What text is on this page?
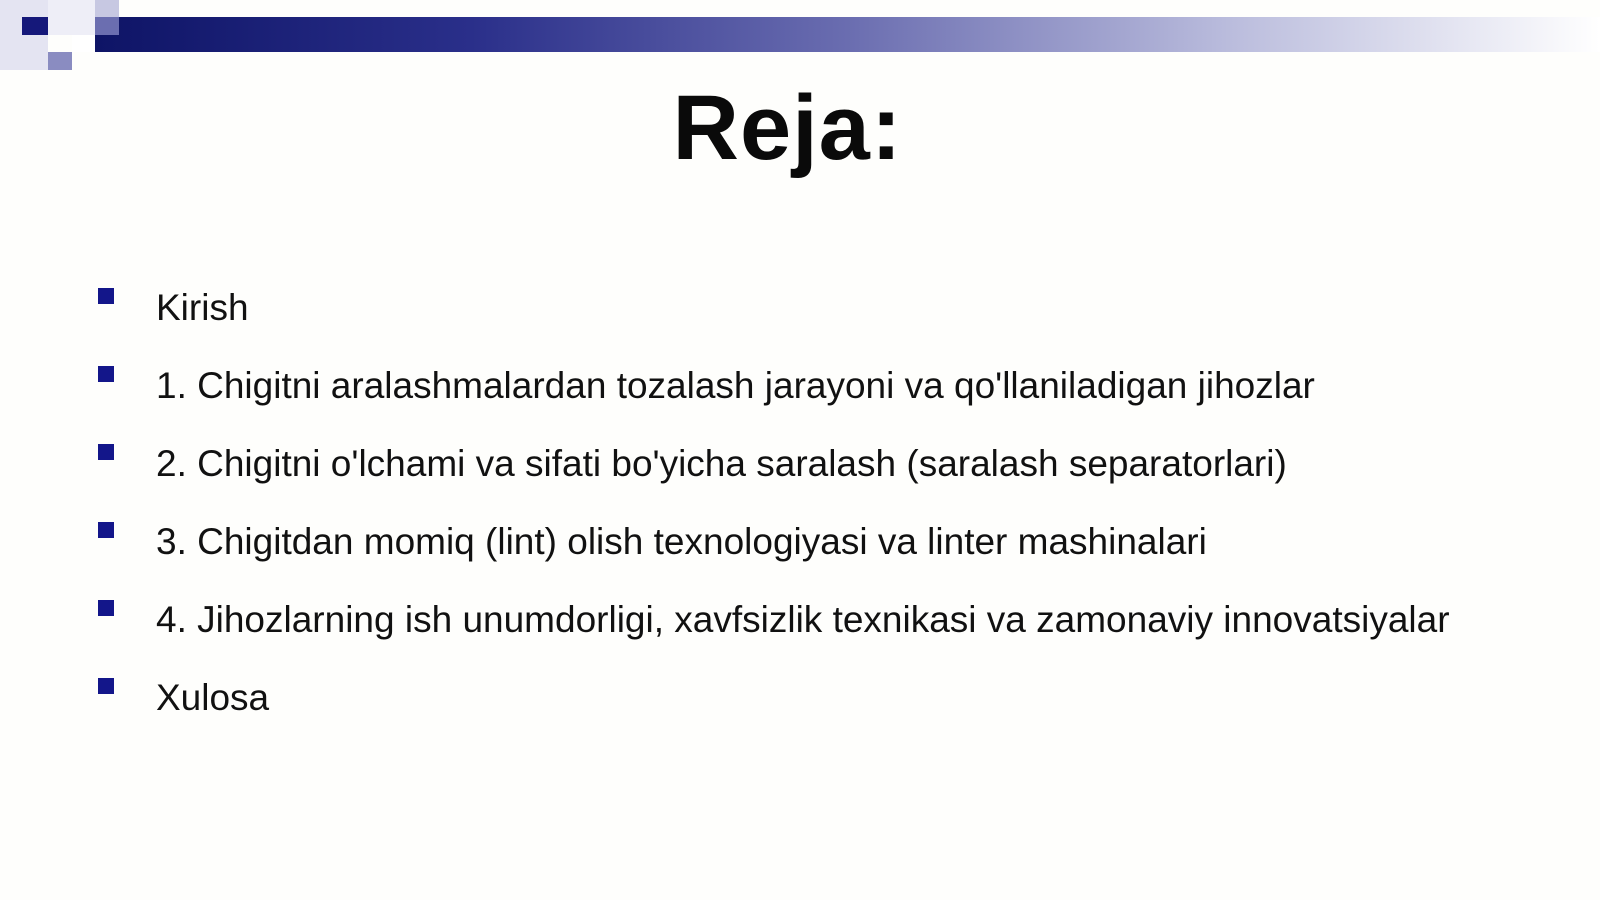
Reja:
Kirish
1. Chigitni aralashmalardan tozalash jarayoni va qo'llaniladigan jihozlar
2. Chigitni o'lchami va sifati bo'yicha saralash (saralash separatorlari)
3. Chigitdan momiq (lint) olish texnologiyasi va linter mashinalari
4. Jihozlarning ish unumdorligi, xavfsizlik texnikasi va zamonaviy innovatsiyalar
Xulosa
